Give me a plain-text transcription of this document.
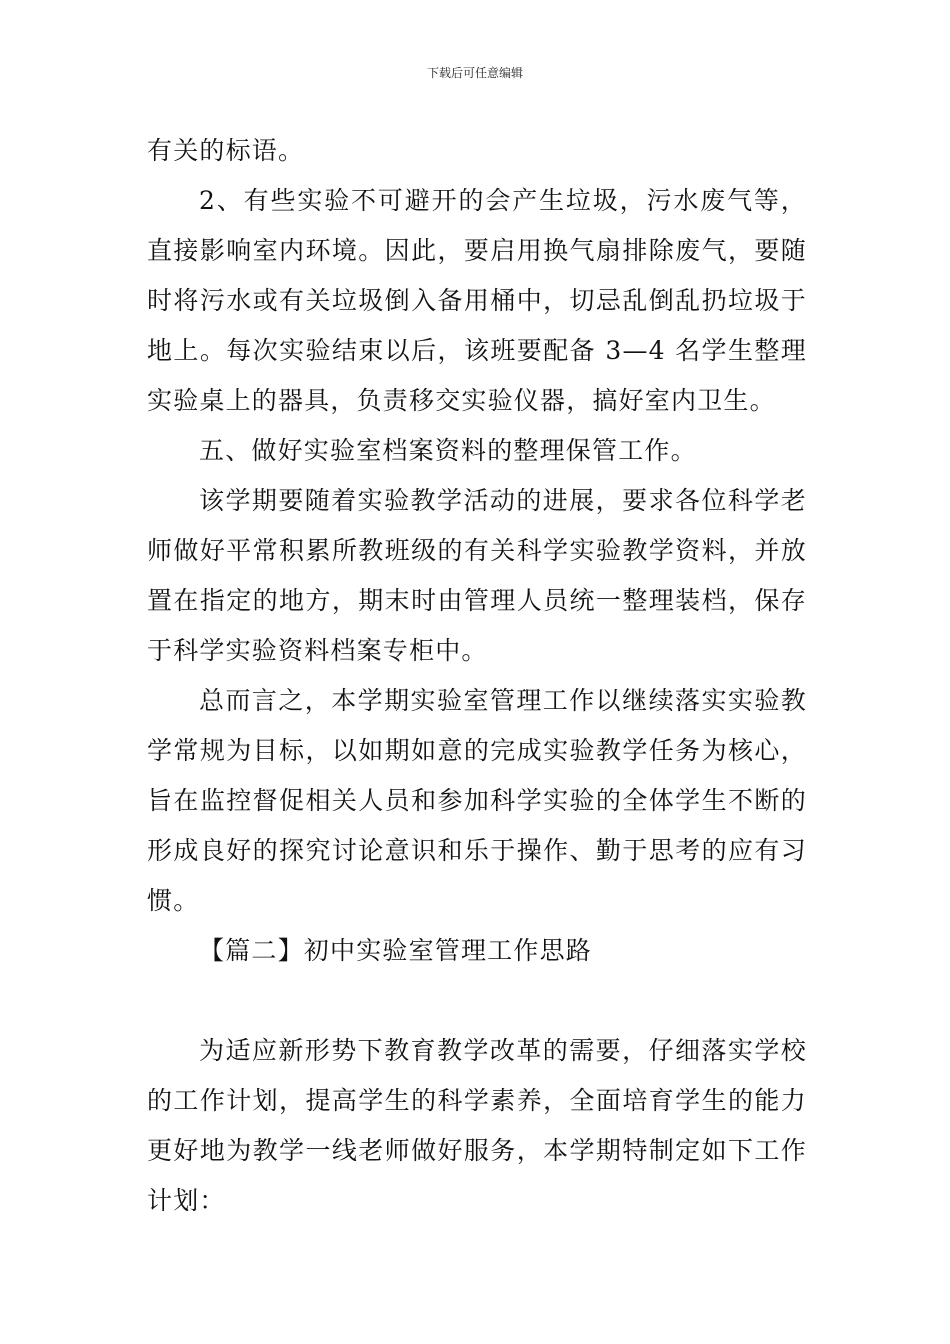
下载后可任意编辑

有关的标语。

2、有些实验不可避开的会产生垃圾，污水废气等，直接影响室内环境。因此，要启用换气扇排除废气，要随时将污水或有关垃圾倒入备用桶中，切忌乱倒乱扔垃圾于地上。每次实验结束以后，该班要配备 3—4 名学生整理实验桌上的器具，负责移交实验仪器，搞好室内卫生。

五、做好实验室档案资料的整理保管工作。

该学期要随着实验教学活动的进展，要求各位科学老师做好平常积累所教班级的有关科学实验教学资料，并放置在指定的地方，期末时由管理人员统一整理装档，保存于科学实验资料档案专柜中。

总而言之，本学期实验室管理工作以继续落实实验教学常规为目标，以如期如意的完成实验教学任务为核心，旨在监控督促相关人员和参加科学实验的全体学生不断的形成良好的探究讨论意识和乐于操作、勤于思考的应有习惯。

【篇二】初中实验室管理工作思路

为适应新形势下教育教学改革的需要，仔细落实学校的工作计划，提高学生的科学素养，全面培育学生的能力更好地为教学一线老师做好服务，本学期特制定如下工作计划：
